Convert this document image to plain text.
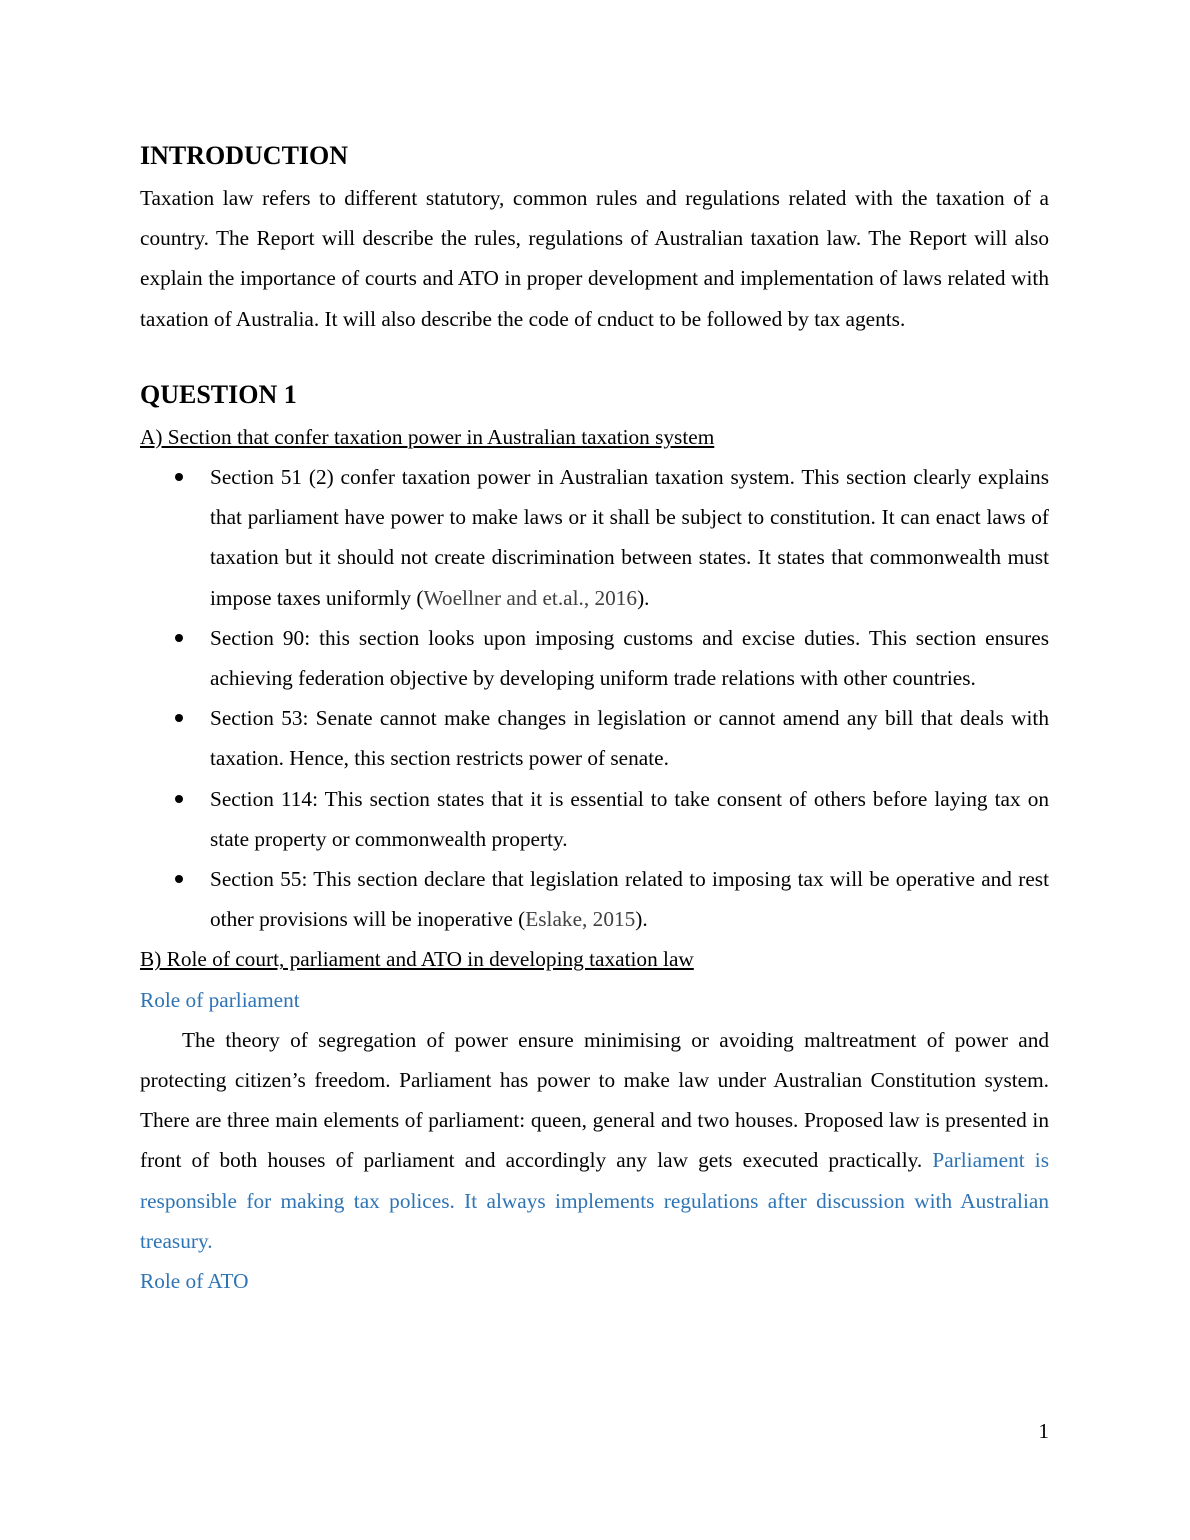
INTRODUCTION

Taxation law refers to different statutory, common rules and regulations related with the taxation of a country. The Report will describe the rules, regulations of Australian taxation law. The Report will also explain the importance of courts and ATO in proper development and implementation of laws related with taxation of Australia. It will also describe the code of cnduct to be followed by tax agents.

QUESTION 1

A) Section that confer taxation power in Australian taxation system

Section 51 (2) confer taxation power in Australian taxation system. This section clearly explains that parliament have power to make laws or it shall be subject to constitution. It can enact laws of taxation but it should not create discrimination between states. It states that commonwealth must impose taxes uniformly (Woellner and et.al., 2016).
Section 90: this section looks upon imposing customs and excise duties. This section ensures achieving federation objective by developing uniform trade relations with other countries.
Section 53: Senate cannot make changes in legislation or cannot amend any bill that deals with taxation. Hence, this section restricts power of senate.
Section 114: This section states that it is essential to take consent of others before laying tax on state property or commonwealth property.
Section 55: This section declare that legislation related to imposing tax will be operative and rest other provisions will be inoperative (Eslake, 2015).

B) Role of court, parliament and ATO in developing taxation law

Role of parliament

The theory of segregation of power ensure minimising or avoiding maltreatment of power and protecting citizen’s freedom. Parliament has power to make law under Australian Constitution system. There are three main elements of parliament: queen, general and two houses. Proposed law is presented in front of both houses of parliament and accordingly any law gets executed practically. Parliament is responsible for making tax polices. It always implements regulations after discussion with Australian treasury.

Role of ATO

1
